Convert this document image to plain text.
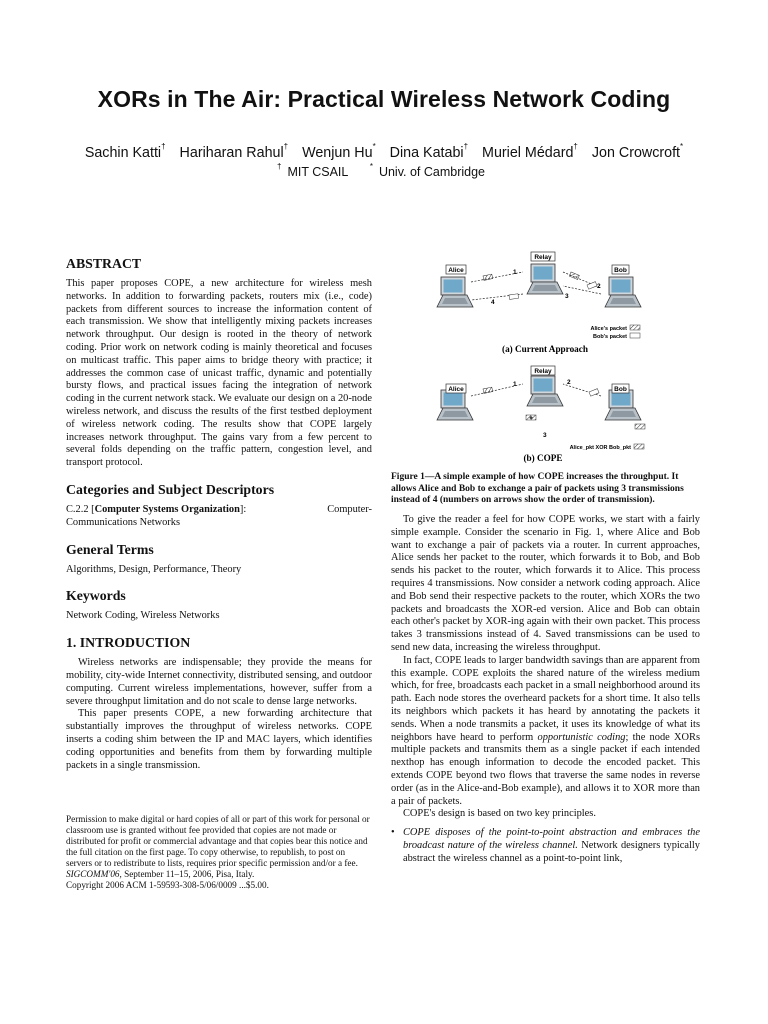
XORs in The Air: Practical Wireless Network Coding
Sachin Katti† Hariharan Rahul† Wenjun Hu* Dina Katabi† Muriel Médard† Jon Crowcroft*
† MIT CSAIL	* Univ. of Cambridge
ABSTRACT

This paper proposes COPE, a new architecture for wireless mesh networks. In addition to forwarding packets, routers mix (i.e., code) packets from different sources to increase the information content of each transmission. We show that intelligently mixing packets increases network throughput. Our design is rooted in the theory of network coding. Prior work on network coding is mainly theoretical and focuses on multicast traffic. This paper aims to bridge theory with practice; it addresses the common case of unicast traffic, dynamic and potentially bursty flows, and practical issues facing the integration of network coding in the current network stack. We evaluate our design on a 20-node wireless network, and discuss the results of the first testbed deployment of wireless network coding. The results show that COPE largely increases network throughput. The gains vary from a few percent to several folds depending on the traffic pattern, congestion level, and transport protocol.

Categories and Subject Descriptors
C.2.2 [Computer Systems Organization]:	Computer-

Communications Networks

General Terms

Algorithms, Design, Performance, Theory

Keywords

Network Coding, Wireless Networks

1. INTRODUCTION

Wireless networks are indispensable; they provide the means for mobility, city-wide Internet connectivity, distributed sensing, and outdoor computing. Current wireless implementations, however, suffer from a severe throughput limitation and do not scale to dense large networks.

This paper presents COPE, a new forwarding architecture that substantially improves the throughput of wireless networks. COPE inserts a coding shim between the IP and MAC layers, which identifies coding opportunities and benefits from them by forwarding multiple packets in a single transmission.

Permission to make digital or hard copies of all or part of this work for personal or classroom use is granted without fee provided that copies are not made or distributed for profit or commercial advantage and that copies bear this notice and the full citation on the first page. To copy otherwise, to republish, to post on servers or to redistribute to lists, requires prior specific permission and/or a fee.
SIGCOMM'06, September 11–15, 2006, Pisa, Italy.
Copyright 2006 ACM 1-59593-308-5/06/0009 ...$5.00.
Relay
Alice	Bob
1
2
3
4
Alice's packet
Bob's packet
(a) Current Approach
Relay
Alice	Bob
1	2
3
⊕
Alice_pkt XOR Bob_pkt
(b) COPE
Figure 1—A simple example of how COPE increases the throughput. It allows Alice and Bob to exchange a pair of packets using 3 transmissions instead of 4 (numbers on arrows show the order of transmission).

To give the reader a feel for how COPE works, we start with a fairly simple example. Consider the scenario in Fig. 1, where Alice and Bob want to exchange a pair of packets via a router. In current approaches, Alice sends her packet to the router, which forwards it to Bob, and Bob sends his packet to the router, which forwards it to Alice. This process requires 4 transmissions. Now consider a network coding approach. Alice and Bob send their respective packets to the router, which XORs the two packets and broadcasts the XOR-ed version. Alice and Bob can obtain each other's packet by XOR-ing again with their own packet. This process takes 3 transmissions instead of 4. Saved transmissions can be used to send new data, increasing the wireless throughput.

In fact, COPE leads to larger bandwidth savings than are apparent from this example. COPE exploits the shared nature of the wireless medium which, for free, broadcasts each packet in a small neighborhood around its path. Each node stores the overheard packets for a short time. It also tells its neighbors which packets it has heard by annotating the packets it sends. When a node transmits a packet, it uses its knowledge of what its neighbors have heard to perform opportunistic coding; the node XORs multiple packets and transmits them as a single packet if each intended nexthop has enough information to decode the encoded packet. This extends COPE beyond two flows that traverse the same nodes in reverse order (as in the Alice-and-Bob example), and allows it to XOR more than a pair of packets.

COPE's design is based on two key principles.

• COPE disposes of the point-to-point abstraction and embraces the broadcast nature of the wireless channel. Network designers typically abstract the wireless channel as a point-to-point link,
